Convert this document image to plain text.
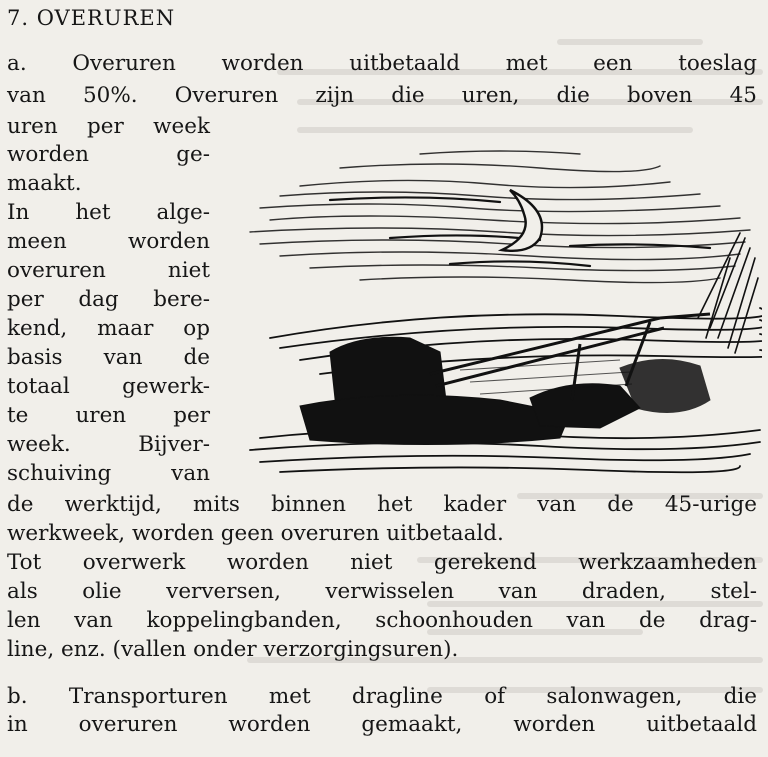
7. OVERUREN
a. Overuren worden uitbetaald met een toeslag
van 50%. Overuren zijn die uren, die boven 45
uren per week
worden ge-
maakt.
In het alge-
meen worden
overuren niet
per dag bere-
kend, maar op
basis van de
totaal gewerk-
te uren per
week. Bijver-
schuiving van
de werktijd, mits binnen het kader van de 45-urige
werkweek, worden geen overuren uitbetaald.
Tot overwerk worden niet gerekend werkzaamheden
als olie verversen, verwisselen van draden, stel-
len van koppelingbanden, schoonhouden van de drag-
line, enz. (vallen onder verzorgingsuren).
b. Transporturen met dragline of salonwagen, die
in overuren worden gemaakt, worden uitbetaald
